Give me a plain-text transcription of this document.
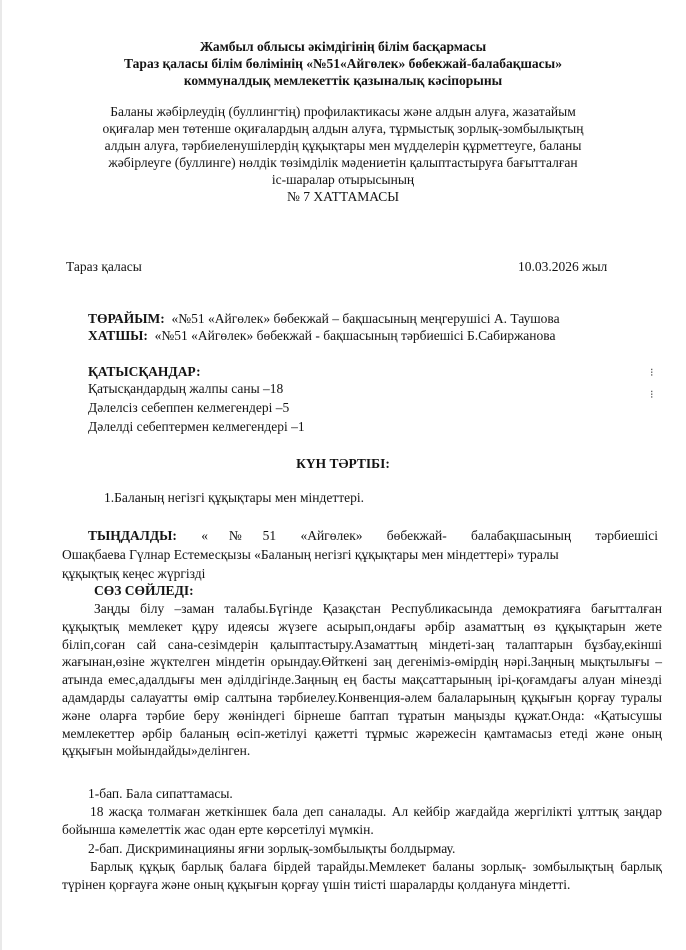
Жамбыл облысы әкімдігінің білім басқармасы
Тараз қаласы білім бөлімінің «№51«Айгөлек» бөбекжай-балабақшасы»
коммуналдық мемлекеттік қазыналық кәсіпорыны
Баланы жәбірлеудің (буллингтің) профилактикасы және алдын алуға, жазатайым
оқиғалар мен төтенше оқиғалардың алдын алуға, тұрмыстық зорлық-зомбылықтың
алдын алуға, тәрбиеленушілердің құқықтары мен мүдделерін құрметтеуге, баланы
жәбірлеуге (буллинге) нөлдік төзімділік мәдениетін қалыптастыруға бағытталған
іс-шаралар отырысының
№ 7 ХАТТАМАСЫ
Тараз қаласы	10.03.2026 жыл
ТӨРАЙЫМ: «№51 «Айгөлек» бөбекжай – бақшасының меңгерушісі А. Таушова
ХАТШЫ: «№51 «Айгөлек» бөбекжай - бақшасының тәрбиешісі Б.Сабиржанова
ҚАТЫСҚАНДАР:
Қатысқандардың жалпы саны –18
Дәлелсіз себеппен келмегендері –5
Дәлелді себептермен келмегендері –1
⁝
⁝
КҮН ТӘРТІБІ:
1.Баланың негізгі құқықтары мен міндеттері.
ТЫҢДАЛДЫ: «№51 «Айгөлек» бөбекжай- балабақшасының тәрбиешісі
Ошақбаева Гүлнар Естемесқызы «Баланың негізгі құқықтары мен міндеттері» туралы
құқықтық кеңес жүргізді
СӨЗ СӨЙЛЕДІ:
Заңды білу –заман талабы.Бүгінде Қазақстан Республикасында демократияға бағытталған құқықтық мемлекет құру идеясы жүзеге асырып,ондағы әрбір азаматтың өз құқықтарын жете біліп,соған сай сана-сезімдерін қалыптастыру.Азаматтың міндеті-заң талаптарын бұзбау,екінші жағынан,өзіне жүктелген міндетін орындау.Өйткені заң дегеніміз-өмірдің нәрі.Заңның мықтылығы –атында емес,адалдығы мен әділдігінде.Заңның ең басты мақсаттарының ірі-қоғамдағы алуан мінезді адамдарды салауатты өмір салтына тәрбиелеу.Конвенция-әлем балаларының құқығын қорғау туралы және оларға тәрбие беру жөніндегі бірнеше баптап тұратын маңызды құжат.Онда: «Қатысушы мемлекеттер әрбір баланың өсіп-жетілуі қажетті тұрмыс жәрежесін қамтамасыз етеді және оның құқығын мойындайды»делінген.
1-бап. Бала сипаттамасы.
18 жасқа толмаған жеткіншек бала деп саналады. Ал кейбір жағдайда жергілікті ұлттық заңдар бойынша кәмелеттік жас одан ерте көрсетілуі мүмкін.
2-бап. Дискриминацияны яғни зорлық-зомбылықты болдырмау.
Барлық құқық барлық балаға бірдей тарайды.Мемлекет баланы зорлық- зомбылықтың барлық түрінен қорғауға және оның құқығын қорғау үшін тиісті шараларды қолдануға міндетті.
